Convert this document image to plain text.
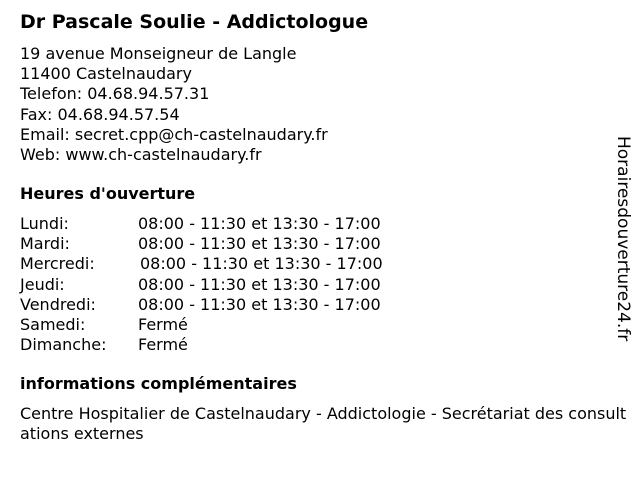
Dr Pascale Soulie - Addictologue
19 avenue Monseigneur de Langle
11400 Castelnaudary
Telefon: 04.68.94.57.31
Fax: 04.68.94.57.54
Email: secret.cpp@ch-castelnaudary.fr
Web: www.ch-castelnaudary.fr
Heures d'ouverture
Lundi:	08:00 - 11:30 et 13:30 - 17:00
Mardi:	08:00 - 11:30 et 13:30 - 17:00
Mercredi:	08:00 - 11:30 et 13:30 - 17:00
Jeudi:	08:00 - 11:30 et 13:30 - 17:00
Vendredi:	08:00 - 11:30 et 13:30 - 17:00
Samedi:	Fermé
Dimanche: Fermé
informations complémentaires
Centre Hospitalier de Castelnaudary - Addictologie - Secrétariat des consultations externes
Horairesdouverture24.fr
